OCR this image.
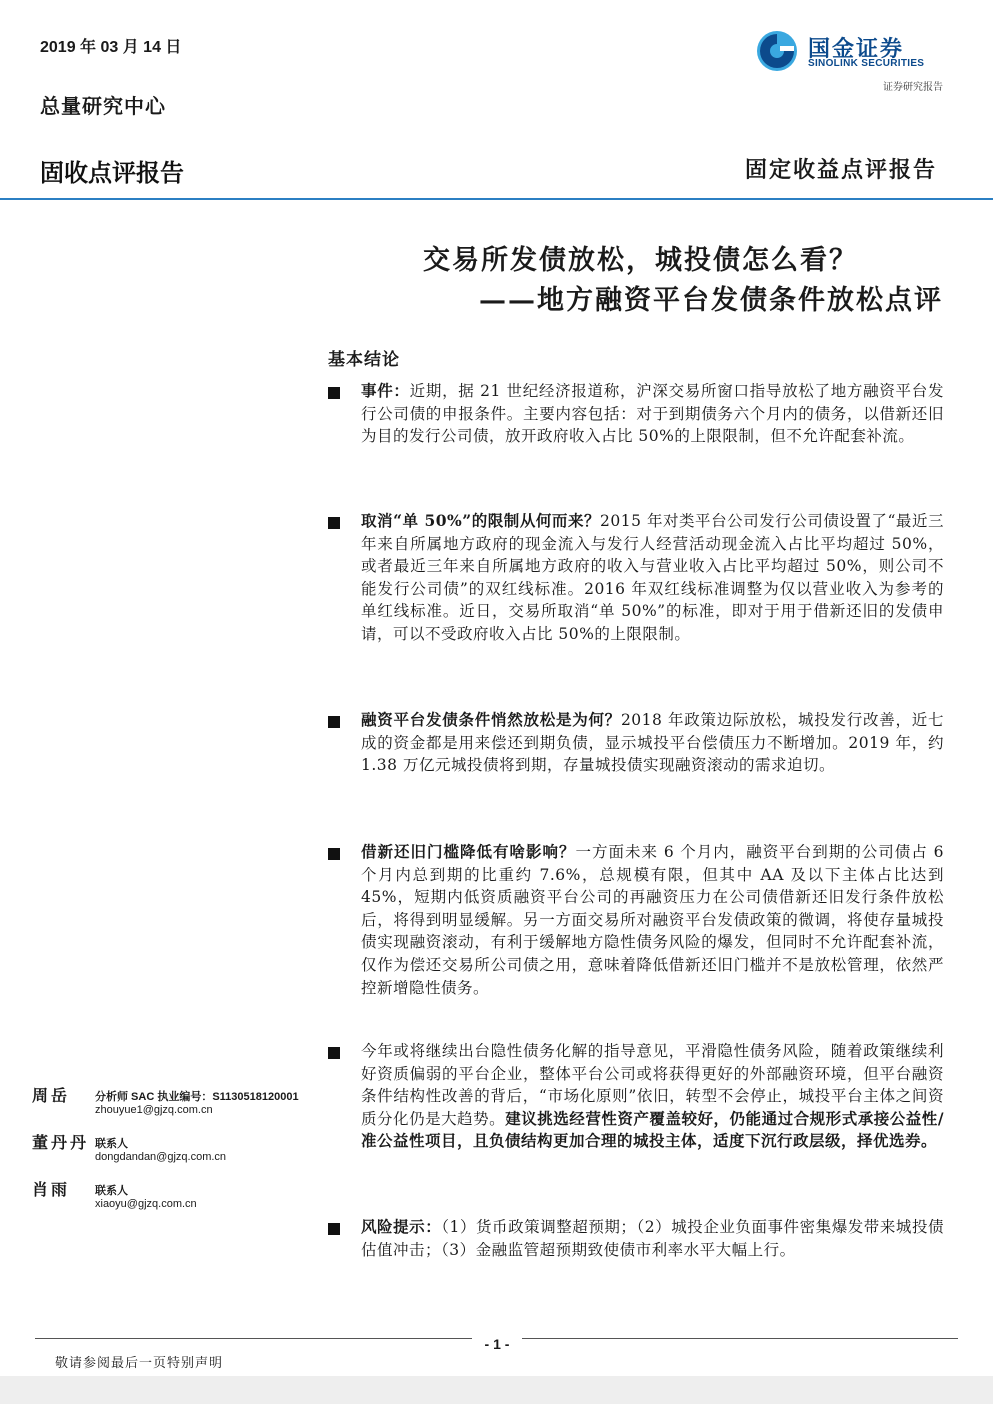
2019 年 03 月 14 日
总量研究中心
国金证券
SINOLINK SECURITIES
证券研究报告
固收点评报告	固定收益点评报告
交易所发债放松，城投债怎么看？
——地方融资平台发债条件放松点评
基本结论
事件：近期，据 21 世纪经济报道称，沪深交易所窗口指导放松了地方融资平台发行公司债的申报条件。主要内容包括：对于到期债务六个月内的债务，以借新还旧为目的发行公司债，放开政府收入占比 50%的上限限制，但不允许配套补流。
取消“单 50%”的限制从何而来？2015 年对类平台公司发行公司债设置了“最近三年来自所属地方政府的现金流入与发行人经营活动现金流入占比平均超过 50%，或者最近三年来自所属地方政府的收入与营业收入占比平均超过 50%，则公司不能发行公司债”的双红线标准。2016 年双红线标准调整为仅以营业收入为参考的单红线标准。近日，交易所取消“单 50%”的标准，即对于用于借新还旧的发债申请，可以不受政府收入占比 50%的上限限制。
融资平台发债条件悄然放松是为何？2018 年政策边际放松，城投发行改善，近七成的资金都是用来偿还到期负债，显示城投平台偿债压力不断增加。2019 年，约 1.38 万亿元城投债将到期，存量城投债实现融资滚动的需求迫切。
借新还旧门槛降低有啥影响？一方面未来 6 个月内，融资平台到期的公司债占 6 个月内总到期的比重约 7.6%，总规模有限，但其中 AA 及以下主体占比达到 45%，短期内低资质融资平台公司的再融资压力在公司债借新还旧发行条件放松后，将得到明显缓解。另一方面交易所对融资平台发债政策的微调，将使存量城投债实现融资滚动，有利于缓解地方隐性债务风险的爆发，但同时不允许配套补流，仅作为偿还交易所公司债之用，意味着降低借新还旧门槛并不是放松管理，依然严控新增隐性债务。
今年或将继续出台隐性债务化解的指导意见，平滑隐性债务风险，随着政策继续利好资质偏弱的平台企业，整体平台公司或将获得更好的外部融资环境，但平台融资条件结构性改善的背后，“市场化原则”依旧，转型不会停止，城投平台主体之间资质分化仍是大趋势。建议挑选经营性资产覆盖较好，仍能通过合规形式承接公益性/准公益性项目，且负债结构更加合理的城投主体，适度下沉行政层级，择优选券。
风险提示：（1）货币政策调整超预期；（2）城投企业负面事件密集爆发带来城投债估值冲击；（3）金融监管超预期致使债市利率水平大幅上行。
周岳 分析师 SAC 执业编号：S1130518120001
zhouyue1@gjzq.com.cn
董丹丹 联系人
dongdandan@gjzq.com.cn
肖雨 联系人
xiaoyu@gjzq.com.cn
- 1 -
敬请参阅最后一页特别声明
